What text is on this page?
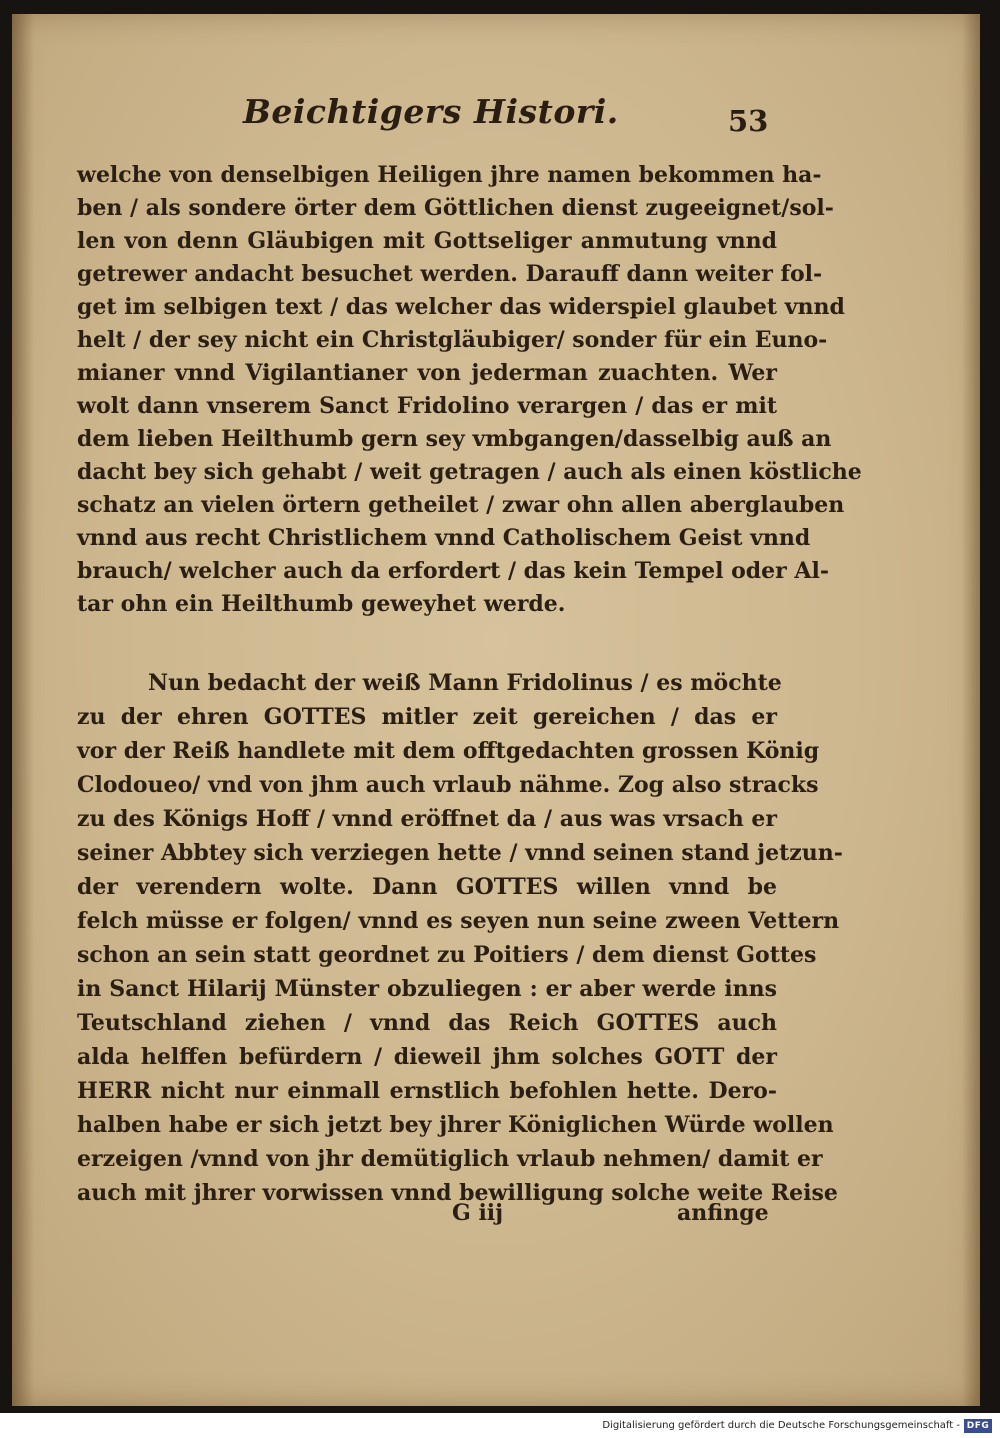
Beichtigers Histori.	53
welche von denselbigen Heiligen jhre namen bekommen ha-
ben / als sondere örter dem Göttlichen dienst zugeeignet/sol-
len von denn Gläubigen mit Gottseliger anmutung vnnd
getrewer andacht besuchet werden. Darauff dann weiter fol-
get im selbigen text / das welcher das widerspiel glaubet vnnd
helt / der sey nicht ein Christgläubiger/ sonder für ein Euno-
mianer vnnd Vigilantianer von jederman zuachten. Wer
wolt dann vnserem Sanct Fridolino verargen / das er mit
dem lieben Heilthumb gern sey vmbgangen/dasselbig auß an
dacht bey sich gehabt / weit getragen / auch als einen köstliche
schatz an vielen örtern getheilet / zwar ohn allen aberglauben
vnnd aus recht Christlichem vnnd Catholischem Geist vnnd
brauch/ welcher auch da erfordert / das kein Tempel oder Al-
tar ohn ein Heilthumb geweyhet werde.
Nun bedacht der weiß Mann Fridolinus / es möchte
zu der ehren GOTTES mitler zeit gereichen / das er
vor der Reiß handlete mit dem offtgedachten grossen König
Clodoueo/ vnd von jhm auch vrlaub nähme. Zog also stracks
zu des Königs Hoff / vnnd eröffnet da / aus was vrsach er
seiner Abbtey sich verziegen hette / vnnd seinen stand jetzun-
der verendern wolte. Dann GOTTES willen vnnd be
felch müsse er folgen/ vnnd es seyen nun seine zween Vettern
schon an sein statt geordnet zu Poitiers / dem dienst Gottes
in Sanct Hilarij Münster obzuliegen : er aber werde inns
Teutschland ziehen / vnnd das Reich GOTTES auch
alda helffen befürdern / dieweil jhm solches GOTT der
HERR nicht nur einmall ernstlich befohlen hette. Dero-
halben habe er sich jetzt bey jhrer Königlichen Würde wollen
erzeigen /vnnd von jhr demütiglich vrlaub nehmen/ damit er
auch mit jhrer vorwissen vnnd bewilligung solche weite Reise
G iij	anfinge
Digitalisierung gefördert durch die Deutsche Forschungsgemeinschaft - DFG
